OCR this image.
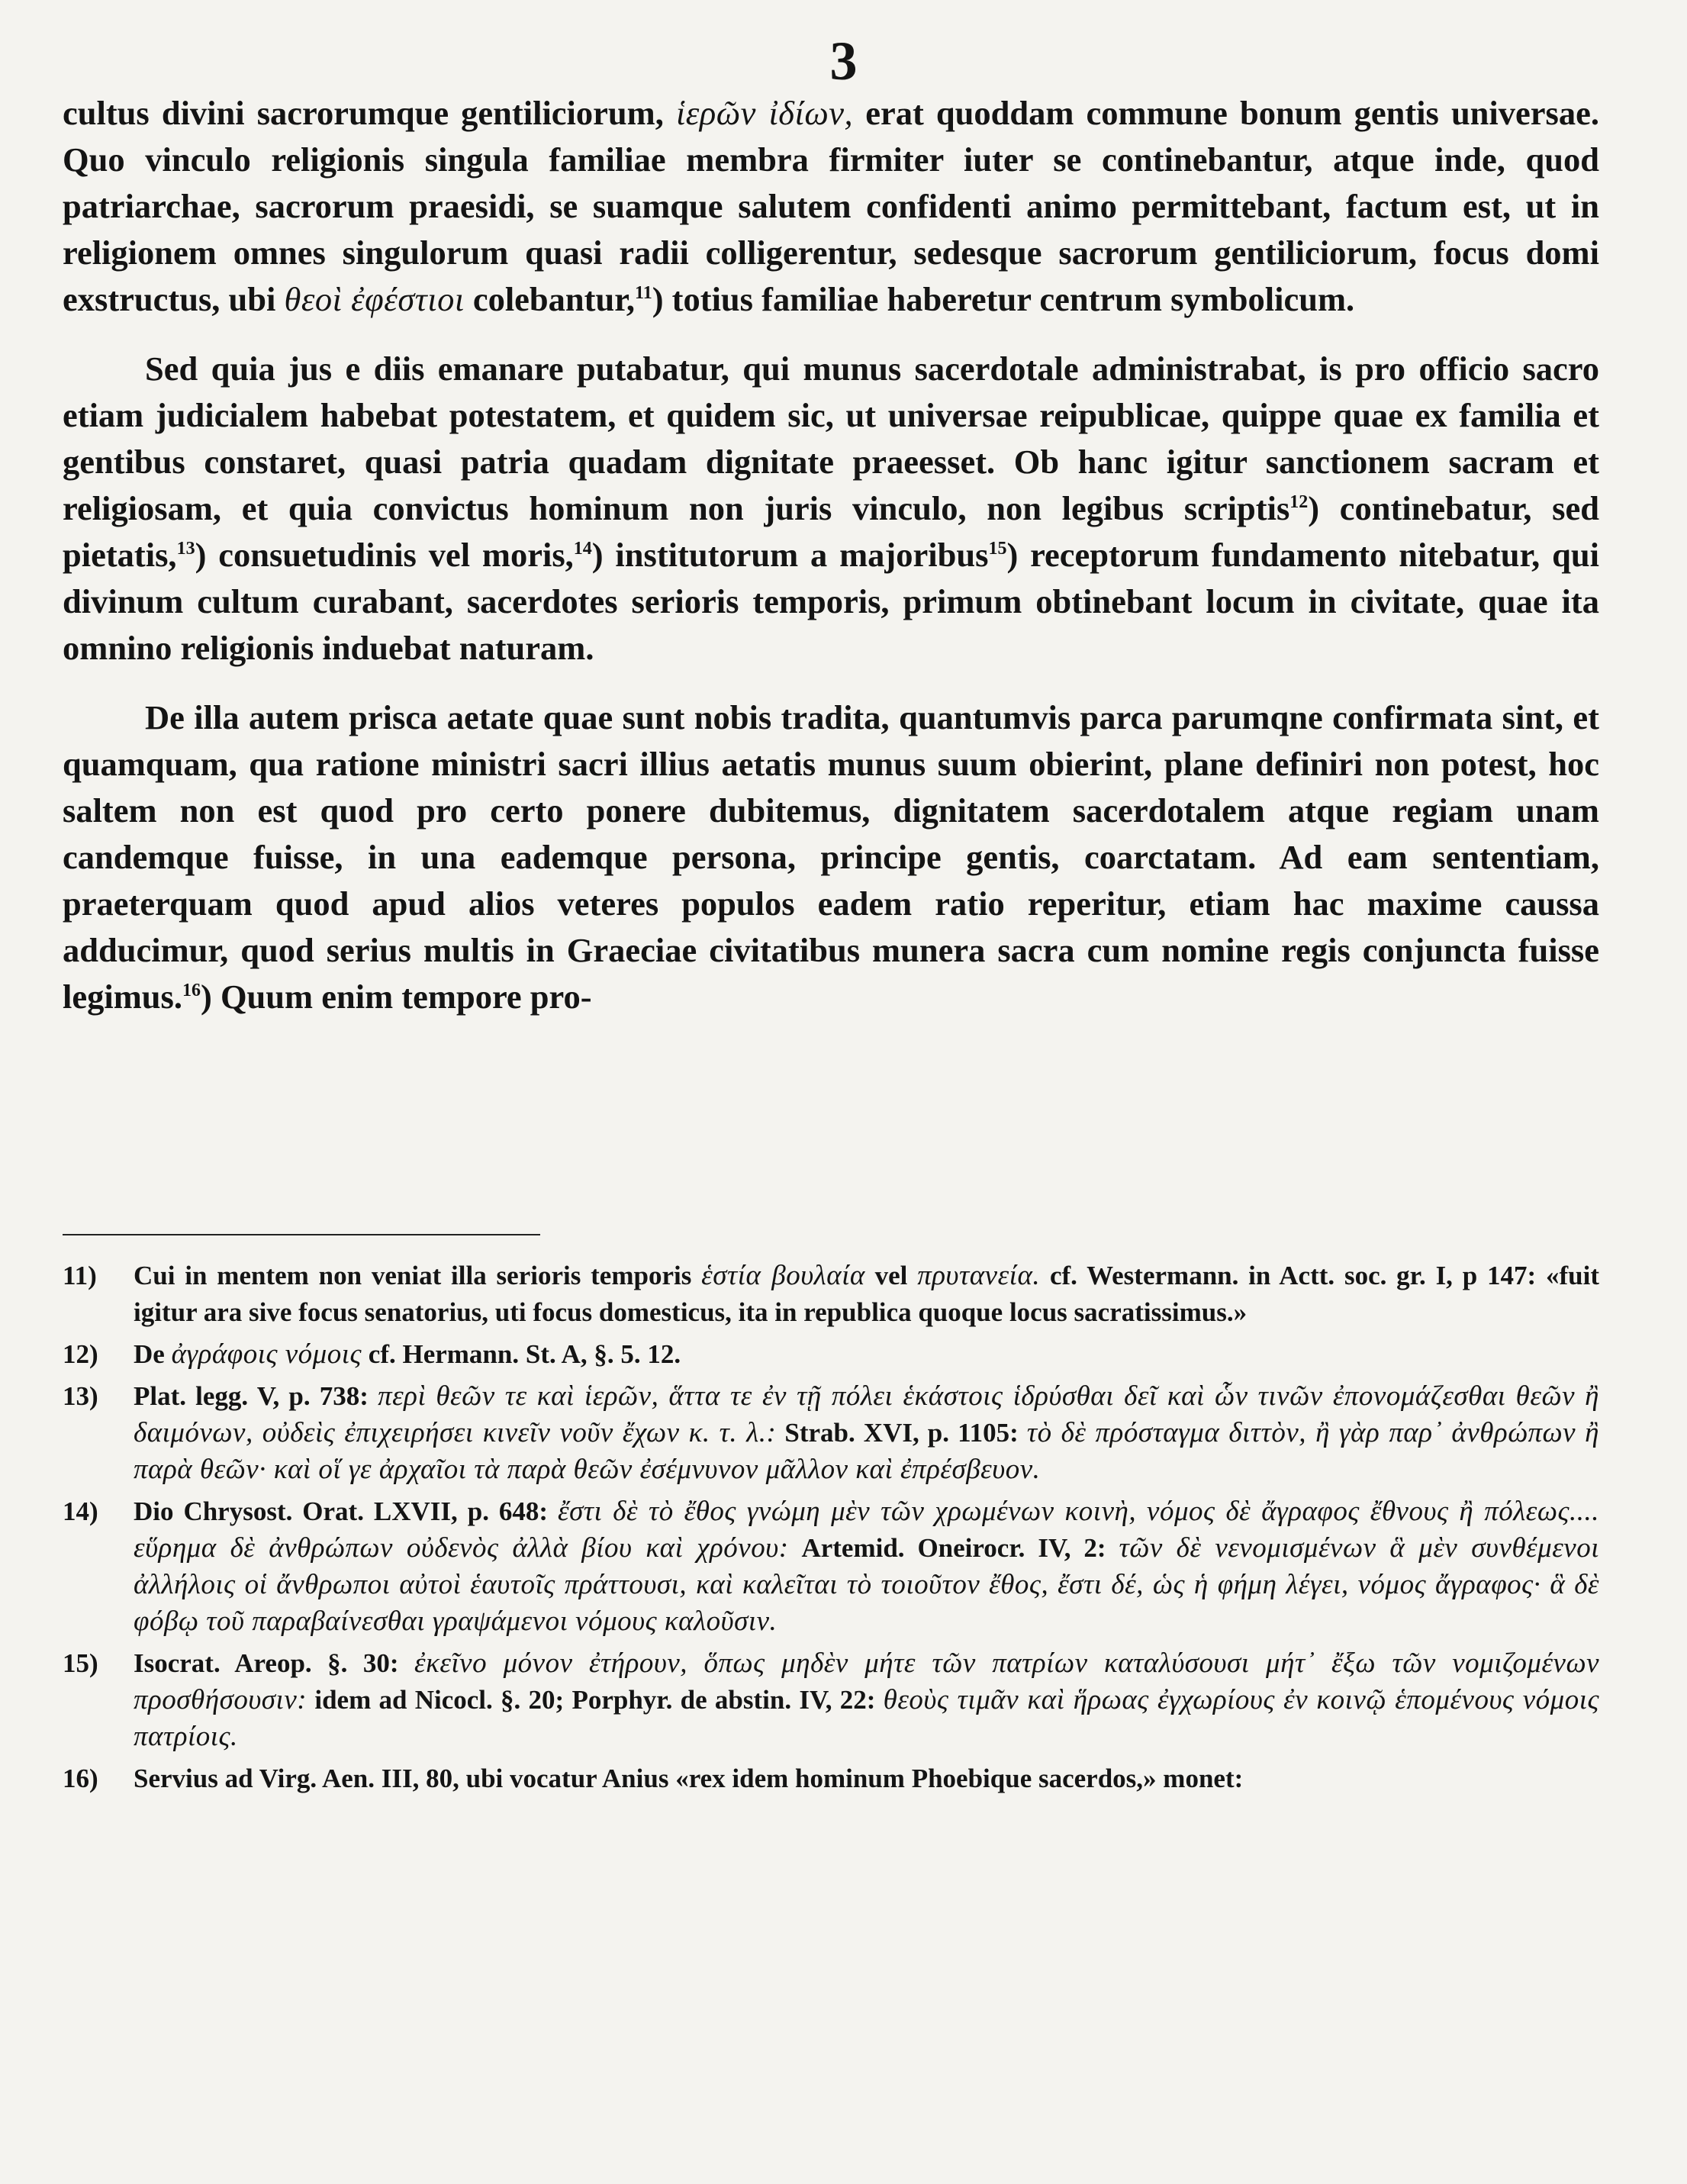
3

cultus divini sacrorumque gentiliciorum, ἱερῶν ἰδίων, erat quoddam commune bonum gentis universae. Quo vinculo religionis singula familiae membra firmiter iuter se continebantur, atque inde, quod patriarchae, sacrorum praesidi, se suamque salutem confidenti animo permittebant, factum est, ut in religionem omnes singulorum quasi radii colligerentur, sedesque sacrorum gentiliciorum, focus domi exstructus, ubi θεοὶ ἐφέστιοι colebantur,$^{11}$) totius familiae haberetur centrum symbolicum.

Sed quia jus e diis emanare putabatur, qui munus sacerdotale administrabat, is pro officio sacro etiam judicialem habebat potestatem, et quidem sic, ut universae reipublicae, quippe quae ex familia et gentibus constaret, quasi patria quadam dignitate praeesset. Ob hanc igitur sanctionem sacram et religiosam, et quia convictus hominum non juris vinculo, non legibus scriptis$^{12}$) continebatur, sed pietatis,$^{13}$) consuetudinis vel moris,$^{14}$) institutorum a majoribus$^{15}$) receptorum fundamento nitebatur, qui divinum cultum curabant, sacerdotes serioris temporis, primum obtinebant locum in civitate, quae ita omnino religionis induebat naturam.

De illa autem prisca aetate quae sunt nobis tradita, quantumvis parca parumqne confirmata sint, et quamquam, qua ratione ministri sacri illius aetatis munus suum obierint, plane definiri non potest, hoc saltem non est quod pro certo ponere dubitemus, dignitatem sacerdotalem atque regiam unam candemque fuisse, in una eademque persona, principe gentis, coarctatam. Ad eam sententiam, praeterquam quod apud alios veteres populos eadem ratio reperitur, etiam hac maxime caussa adducimur, quod serius multis in Graeciae civitatibus munera sacra cum nomine regis conjuncta fuisse legimus.$^{16}$) Quum enim tempore pro-

11) Cui in mentem non veniat illa serioris temporis ἑστία βουλαία vel πρυτανεία. cf. Westermann. in Actt. soc. gr. I, p 147: «fuit igitur ara sive focus senatorius, uti focus domesticus, ita in republica quoque locus sacratissimus.»
12) De ἀγράφοις νόμοις cf. Hermann. St. A, §. 5. 12.
13) Plat. legg. V, p. 738: περὶ θεῶν τε καὶ ἱερῶν, ἅττα τε ἐν τῇ πόλει ἑκάστοις ἱδρύσθαι δεῖ καὶ ὧν τινῶν ἐπονομάζεσθαι θεῶν ἢ δαιμόνων, οὐδεὶς ἐπιχειρήσει κινεῖν νοῦν ἔχων κ. τ. λ.: Strab. XVI, p. 1105: τὸ δὲ πρόσταγμα διττὸν, ἢ γὰρ παρ᾽ ἀνθρώπων ἢ παρὰ θεῶν· καὶ οἵ γε ἀρχαῖοι τὰ παρὰ θεῶν ἐσέμνυνον μᾶλλον καὶ ἐπρέσβευον.
14) Dio Chrysost. Orat. LXVII, p. 648: ἔστι δὲ τὸ ἔθος γνώμη μὲν τῶν χρωμένων κοινὴ, νόμος δὲ ἄγραφος ἔθνους ἢ πόλεως.... εὕρημα δὲ ἀνθρώπων οὐδενὸς ἀλλὰ βίου καὶ χρόνου: Artemid. Oneirocr. IV, 2: τῶν δὲ νενομισμένων ἃ μὲν συνθέμενοι ἀλλήλοις οἱ ἄνθρωποι αὐτοὶ ἑαυτοῖς πράττουσι, καὶ καλεῖται τὸ τοιοῦτον ἔθος, ἔστι δέ, ὡς ἡ φήμη λέγει, νόμος ἄγραφος· ἃ δὲ φόβῳ τοῦ παραβαίνεσθαι γραψάμενοι νόμους καλοῦσιν.
15) Isocrat. Areop. §. 30: ἐκεῖνο μόνον ἐτήρουν, ὅπως μηδὲν μήτε τῶν πατρίων καταλύσουσι μήτ᾽ ἔξω τῶν νομιζομένων προσθήσουσιν: idem ad Nicocl. §. 20; Porphyr. de abstin. IV, 22: θεοὺς τιμᾶν καὶ ἥρωας ἐγχωρίους ἐν κοινῷ ἑπομένους νόμοις πατρίοις.
16) Servius ad Virg. Aen. III, 80, ubi vocatur Anius «rex idem hominum Phoebique sacerdos,» monet:
